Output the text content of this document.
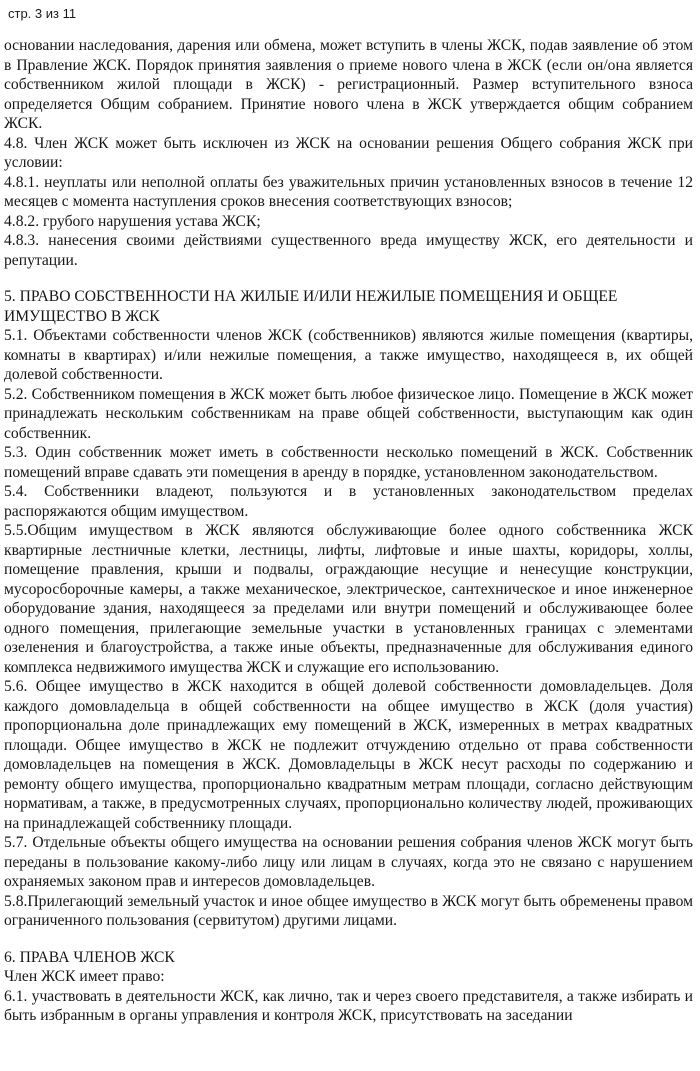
стр. 3 из 11

основании наследования, дарения или обмена, может вступить в члены ЖСК, подав заявление об этом в Правление ЖСК. Порядок принятия заявления о приеме нового члена в ЖСК (если он/она является собственником жилой площади в ЖСК) - регистрационный. Размер вступительного взноса определяется Общим собранием. Принятие нового члена в ЖСК утверждается общим собранием ЖСК.

4.8. Член ЖСК может быть исключен из ЖСК на основании решения Общего собрания ЖСК при условии:

4.8.1. неуплаты или неполной оплаты без уважительных причин установленных взносов в течение 12 месяцев с момента наступления сроков внесения соответствующих взносов;

4.8.2. грубого нарушения устава ЖСК;

4.8.3. нанесения своими действиями существенного вреда имуществу ЖСК, его деятельности и репутации.

5. ПРАВО СОБСТВЕННОСТИ НА ЖИЛЫЕ И/ИЛИ НЕЖИЛЫЕ ПОМЕЩЕНИЯ И ОБЩЕЕ ИМУЩЕСТВО В ЖСК

5.1. Объектами собственности членов ЖСК (собственников) являются жилые помещения (квартиры, комнаты в квартирах) и/или нежилые помещения, а также имущество, находящееся в, их общей долевой собственности.

5.2. Собственником помещения в ЖСК может быть любое физическое лицо. Помещение в ЖСК может принадлежать нескольким собственникам на праве общей собственности, выступающим как один собственник.

5.3. Один собственник может иметь в собственности несколько помещений в ЖСК. Собственник помещений вправе сдавать эти помещения в аренду в порядке, установленном законодательством.

5.4. Собственники владеют, пользуются и в установленных законодательством пределах распоряжаются общим имуществом.

5.5.Общим имуществом в ЖСК являются обслуживающие более одного собственника ЖСК квартирные лестничные клетки, лестницы, лифты, лифтовые и иные шахты, коридоры, холлы, помещение правления, крыши и подвалы, ограждающие несущие и ненесущие конструкции, мусоросборочные камеры, а также механическое, электрическое, сантехническое и иное инженерное оборудование здания, находящееся за пределами или внутри помещений и обслуживающее более одного помещения, прилегающие земельные участки в установленных границах с элементами озеленения и благоустройства, а также иные объекты, предназначенные для обслуживания единого комплекса недвижимого имущества ЖСК и служащие его использованию.

5.6. Общее имущество в ЖСК находится в общей долевой собственности домовладельцев. Доля каждого домовладельца в общей собственности на общее имущество в ЖСК (доля участия) пропорциональна доле принадлежащих ему помещений в ЖСК, измеренных в метрах квадратных площади. Общее имущество в ЖСК не подлежит отчуждению отдельно от права собственности домовладельцев на помещения в ЖСК. Домовладельцы в ЖСК несут расходы по содержанию и ремонту общего имущества, пропорционально квадратным метрам площади, согласно действующим нормативам, а также, в предусмотренных случаях, пропорционально количеству людей, проживающих на принадлежащей собственнику площади.

5.7. Отдельные объекты общего имущества на основании решения собрания членов ЖСК могут быть переданы в пользование какому-либо лицу или лицам в случаях, когда это не связано с нарушением охраняемых законом прав и интересов домовладельцев.

5.8.Прилегающий земельный участок и иное общее имущество в ЖСК могут быть обременены правом ограниченного пользования (сервитутом) другими лицами.

6. ПРАВА ЧЛЕНОВ ЖСК

Член ЖСК имеет право:

6.1. участвовать в деятельности ЖСК, как лично, так и через своего представителя, а также избирать и быть избранным в органы управления и контроля ЖСК, присутствовать на заседании
